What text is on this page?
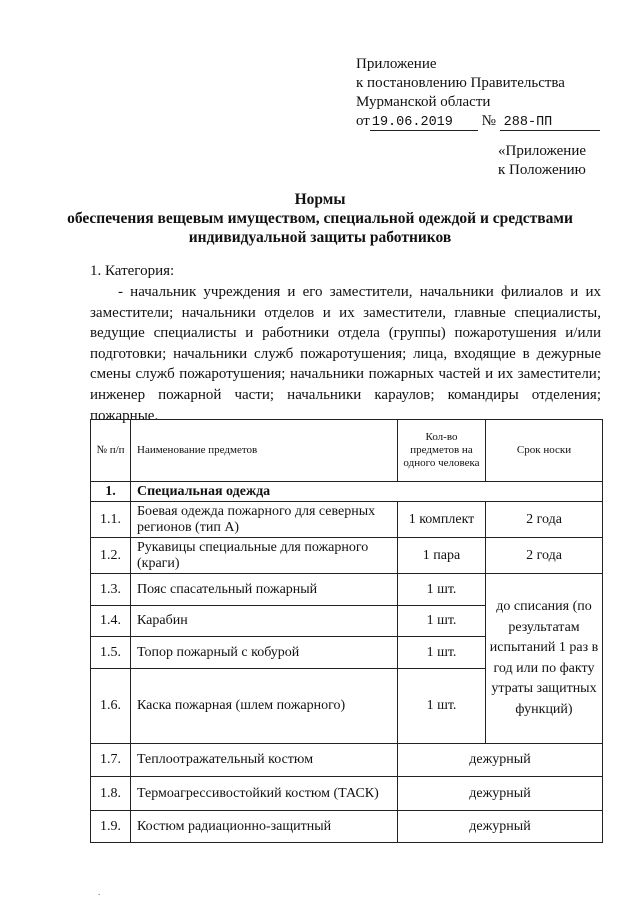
Приложение
к постановлению Правительства
Мурманской области
от 19.06.2019 № 288-ПП
«Приложение
к Положению
Нормы
обеспечения вещевым имуществом, специальной одеждой и средствами
индивидуальной защиты работников
1. Категория:
- начальник учреждения и его заместители, начальники филиалов и их заместители; начальники отделов и их заместители, главные специалисты, ведущие специалисты и работники отдела (группы) пожаротушения и/или подготовки; начальники служб пожаротушения; лица, входящие в дежурные смены служб пожаротушения; начальники пожарных частей и их заместители; инженер пожарной части; начальники караулов; командиры отделения; пожарные.
№ п/п	Наименование предметов	Кол-во предметов на одного человека	Срок носки
1.	Специальная одежда		
1.1.	Боевая одежда пожарного для северных регионов (тип А)	1 комплект	2 года
1.2.	Рукавицы специальные для пожарного (краги)	1 пара	2 года
1.3.	Пояс спасательный пожарный	1 шт.	до списания (по результатам испытаний 1 раз в год или по факту утраты защитных функций)
1.4.	Карабин	1 шт.	
1.5.	Топор пожарный с кобурой	1 шт.	
1.6.	Каска пожарная (шлем пожарного)	1 шт.	
1.7.	Теплоотражательный костюм	дежурный	
1.8.	Термоагрессивостойкий костюм (ТАСК)	дежурный	
1.9.	Костюм радиационно-защитный	дежурный	
.
